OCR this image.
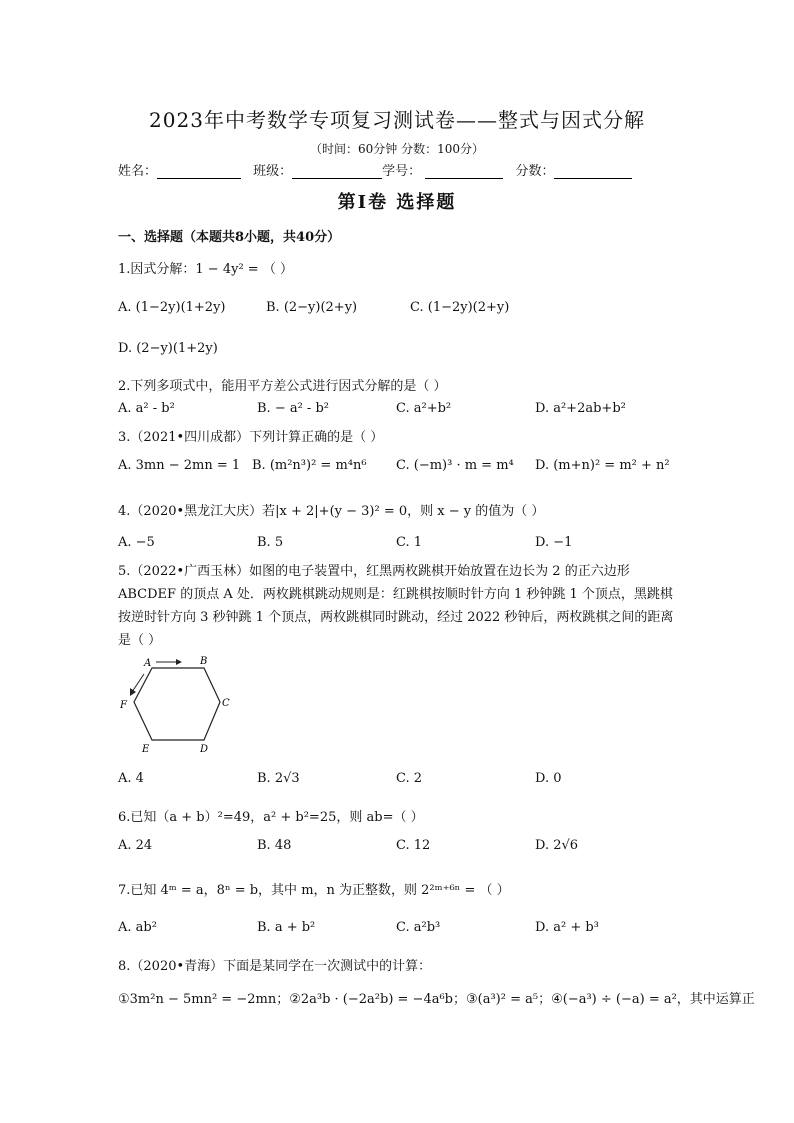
2023年中考数学专项复习测试卷——整式与因式分解
（时间：60分钟 分数：100分）
姓名：	班级：	学号：	分数：
第Ⅰ卷 选择题
一、选择题（本题共8小题，共40分）
1.因式分解：1 − 4y² = （ ）
A. (1−2y)(1+2y)	B. (2−y)(2+y)	C. (1−2y)(2+y)
D. (2−y)(1+2y)
2.下列多项式中，能用平方差公式进行因式分解的是（ ）
A. a² - b²	B. − a² - b²	C. a²+b²	D. a²+2ab+b²
3.（2021•四川成都）下列计算正确的是（ ）
A. 3mn − 2mn = 1 B. (m²n³)² = m⁴n⁶ C. (−m)³ · m = m⁴ D. (m+n)² = m² + n²
4.（2020•黑龙江大庆）若|x + 2|+(y − 3)² = 0，则 x − y 的值为（ ）
A. −5	B. 5	C. 1	D. −1
5.（2022•广西玉林）如图的电子装置中，红黑两枚跳棋开始放置在边长为 2 的正六边形 ABCDEF 的顶点 A 处．两枚跳棋跳动规则是：红跳棋按顺时针方向 1 秒钟跳 1 个顶点，黑跳棋按逆时针方向 3 秒钟跳 1 个顶点，两枚跳棋同时跳动，经过 2022 秒钟后，两枚跳棋之间的距离是（ ）
A	B
C
D
E
F
A. 4	B. 2√3	C. 2	D. 0
6.已知（a + b）²=49，a² + b²=25，则 ab=（ ）
A. 24	B. 48	C. 12	D. 2√6
7.已知 4ᵐ = a，8ⁿ = b，其中 m，n 为正整数，则 2²ᵐ⁺⁶ⁿ = （ ）
A. ab²	B. a + b²	C. a²b³	D. a² + b³
8.（2020•青海）下面是某同学在一次测试中的计算：
①3m²n − 5mn² = −2mn；②2a³b · (−2a²b) = −4a⁶b；③(a³)² = a⁵；④(−a³) ÷ (−a) = a²，其中运算正
